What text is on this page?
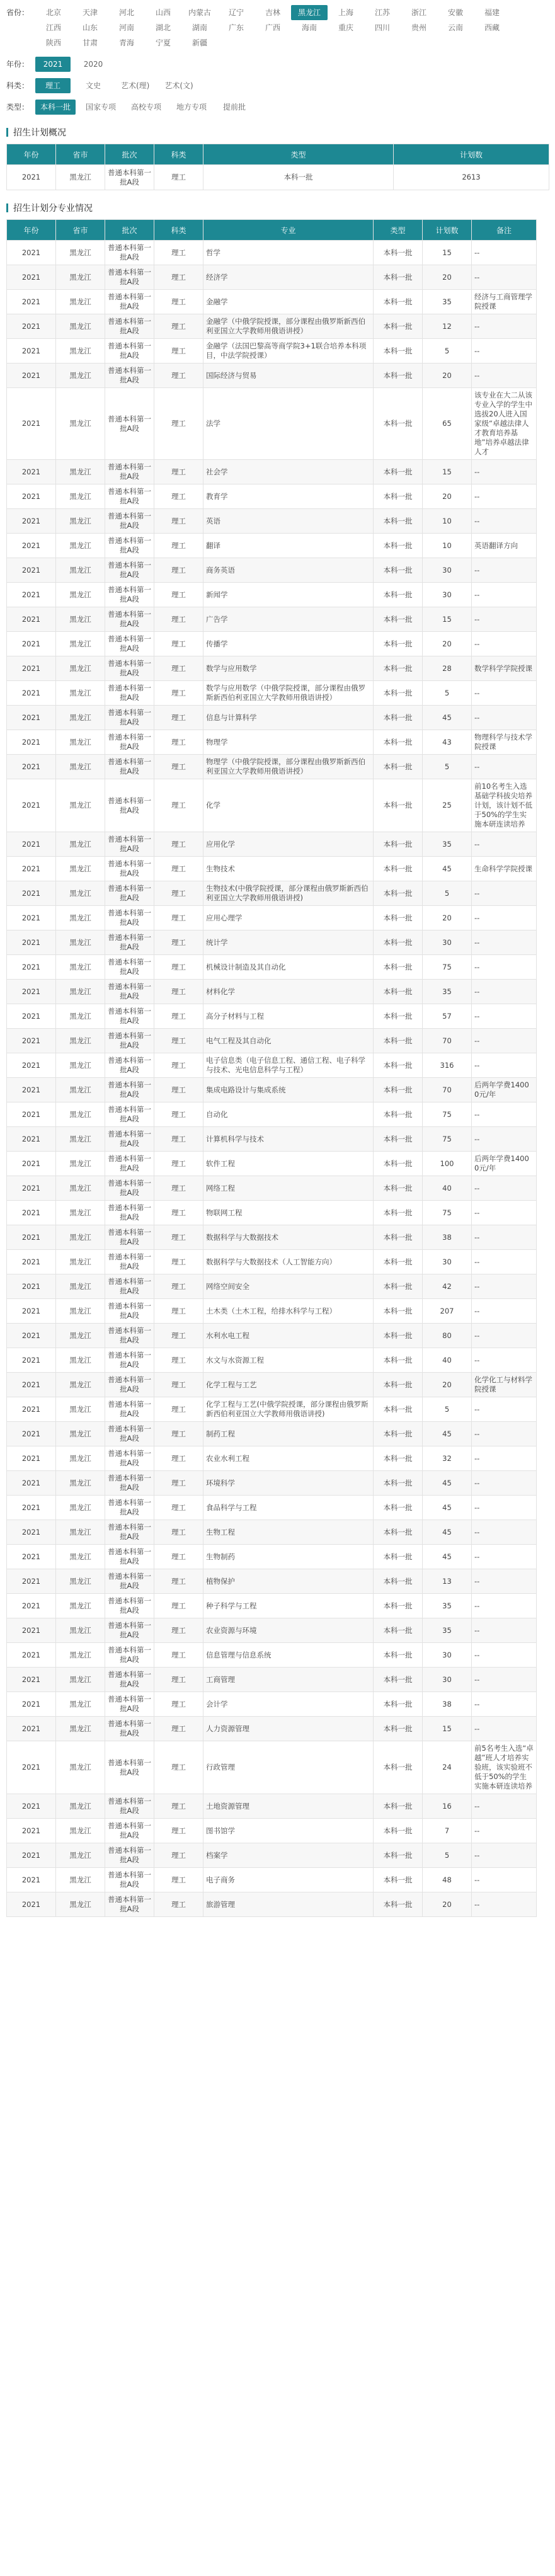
省份：	北京	天津	河北	山西	内蒙古	辽宁	吉林	黑龙江	上海	江苏	浙江	安徽	福建
江西	山东	河南	湖北	湖南	广东	广西	海南	重庆	四川	贵州	云南	西藏
陕西	甘肃	青海	宁夏	新疆
年份：	2021	2020
科类：	理工	文史	艺术(理)	艺术(文)
类型：	本科一批	国家专项	高校专项	地方专项	提前批
招生计划概况
年份	省市	批次	科类	类型	计划数
2021	黑龙江	普通本科第一批A段	理工	本科一批	2613
招生计划分专业情况
年份	省市	批次	科类	专业	类型	计划数	备注
2021	黑龙江	普通本科第一批A段	理工	哲学	本科一批	15	--
2021	黑龙江	普通本科第一批A段	理工	经济学	本科一批	20	--
2021	黑龙江	普通本科第一批A段	理工	金融学	本科一批	35	经济与工商管理学院授课
2021	黑龙江	普通本科第一批A段	理工	金融学（中俄学院授课，部分课程由俄罗斯新西伯利亚国立大学教师用俄语讲授）	本科一批	12	--
2021	黑龙江	普通本科第一批A段	理工	金融学（法国巴黎高等商学院3+1联合培养本科项目，中法学院授课）	本科一批	5	--
2021	黑龙江	普通本科第一批A段	理工	国际经济与贸易	本科一批	20	--
2021	黑龙江	普通本科第一批A段	理工	法学	本科一批	65	该专业在大二从该专业入学的学生中选拔20人进入国家级“卓越法律人才教育培养基地”培养卓越法律人才
2021	黑龙江	普通本科第一批A段	理工	社会学	本科一批	15	--
2021	黑龙江	普通本科第一批A段	理工	教育学	本科一批	20	--
2021	黑龙江	普通本科第一批A段	理工	英语	本科一批	10	--
2021	黑龙江	普通本科第一批A段	理工	翻译	本科一批	10	英语翻译方向
2021	黑龙江	普通本科第一批A段	理工	商务英语	本科一批	30	--
2021	黑龙江	普通本科第一批A段	理工	新闻学	本科一批	30	--
2021	黑龙江	普通本科第一批A段	理工	广告学	本科一批	15	--
2021	黑龙江	普通本科第一批A段	理工	传播学	本科一批	20	--
2021	黑龙江	普通本科第一批A段	理工	数学与应用数学	本科一批	28	数学科学学院授课
2021	黑龙江	普通本科第一批A段	理工	数学与应用数学（中俄学院授课，部分课程由俄罗斯新西伯利亚国立大学教师用俄语讲授）	本科一批	5	--
2021	黑龙江	普通本科第一批A段	理工	信息与计算科学	本科一批	45	--
2021	黑龙江	普通本科第一批A段	理工	物理学	本科一批	43	物理科学与技术学院授课
2021	黑龙江	普通本科第一批A段	理工	物理学（中俄学院授课，部分课程由俄罗斯新西伯利亚国立大学教师用俄语讲授）	本科一批	5	--
2021	黑龙江	普通本科第一批A段	理工	化学	本科一批	25	前10名考生入选基础学科拔尖培养计划，该计划不低于50%的学生实施本研连读培养
2021	黑龙江	普通本科第一批A段	理工	应用化学	本科一批	35	--
2021	黑龙江	普通本科第一批A段	理工	生物技术	本科一批	45	生命科学学院授课
2021	黑龙江	普通本科第一批A段	理工	生物技术(中俄学院授课，部分课程由俄罗斯新西伯利亚国立大学教师用俄语讲授)	本科一批	5	--
2021	黑龙江	普通本科第一批A段	理工	应用心理学	本科一批	20	--
2021	黑龙江	普通本科第一批A段	理工	统计学	本科一批	30	--
2021	黑龙江	普通本科第一批A段	理工	机械设计制造及其自动化	本科一批	75	--
2021	黑龙江	普通本科第一批A段	理工	材料化学	本科一批	35	--
2021	黑龙江	普通本科第一批A段	理工	高分子材料与工程	本科一批	57	--
2021	黑龙江	普通本科第一批A段	理工	电气工程及其自动化	本科一批	70	--
2021	黑龙江	普通本科第一批A段	理工	电子信息类（电子信息工程、通信工程、电子科学与技术、光电信息科学与工程）	本科一批	316	--
2021	黑龙江	普通本科第一批A段	理工	集成电路设计与集成系统	本科一批	70	后两年学费14000元/年
2021	黑龙江	普通本科第一批A段	理工	自动化	本科一批	75	--
2021	黑龙江	普通本科第一批A段	理工	计算机科学与技术	本科一批	75	--
2021	黑龙江	普通本科第一批A段	理工	软件工程	本科一批	100	后两年学费14000元/年
2021	黑龙江	普通本科第一批A段	理工	网络工程	本科一批	40	--
2021	黑龙江	普通本科第一批A段	理工	物联网工程	本科一批	75	--
2021	黑龙江	普通本科第一批A段	理工	数据科学与大数据技术	本科一批	38	--
2021	黑龙江	普通本科第一批A段	理工	数据科学与大数据技术（人工智能方向）	本科一批	30	--
2021	黑龙江	普通本科第一批A段	理工	网络空间安全	本科一批	42	--
2021	黑龙江	普通本科第一批A段	理工	土木类（土木工程，给排水科学与工程）	本科一批	207	--
2021	黑龙江	普通本科第一批A段	理工	水利水电工程	本科一批	80	--
2021	黑龙江	普通本科第一批A段	理工	水文与水资源工程	本科一批	40	--
2021	黑龙江	普通本科第一批A段	理工	化学工程与工艺	本科一批	20	化学化工与材料学院授课
2021	黑龙江	普通本科第一批A段	理工	化学工程与工艺(中俄学院授课，部分课程由俄罗斯新西伯利亚国立大学教师用俄语讲授)	本科一批	5	--
2021	黑龙江	普通本科第一批A段	理工	制药工程	本科一批	45	--
2021	黑龙江	普通本科第一批A段	理工	农业水利工程	本科一批	32	--
2021	黑龙江	普通本科第一批A段	理工	环境科学	本科一批	45	--
2021	黑龙江	普通本科第一批A段	理工	食品科学与工程	本科一批	45	--
2021	黑龙江	普通本科第一批A段	理工	生物工程	本科一批	45	--
2021	黑龙江	普通本科第一批A段	理工	生物制药	本科一批	45	--
2021	黑龙江	普通本科第一批A段	理工	植物保护	本科一批	13	--
2021	黑龙江	普通本科第一批A段	理工	种子科学与工程	本科一批	35	--
2021	黑龙江	普通本科第一批A段	理工	农业资源与环境	本科一批	35	--
2021	黑龙江	普通本科第一批A段	理工	信息管理与信息系统	本科一批	30	--
2021	黑龙江	普通本科第一批A段	理工	工商管理	本科一批	30	--
2021	黑龙江	普通本科第一批A段	理工	会计学	本科一批	38	--
2021	黑龙江	普通本科第一批A段	理工	人力资源管理	本科一批	15	--
2021	黑龙江	普通本科第一批A段	理工	行政管理	本科一批	24	前5名考生入选“卓越”班人才培养实验班，该实验班不低于50%的学生实施本研连读培养
2021	黑龙江	普通本科第一批A段	理工	土地资源管理	本科一批	16	--
2021	黑龙江	普通本科第一批A段	理工	图书馆学	本科一批	7	--
2021	黑龙江	普通本科第一批A段	理工	档案学	本科一批	5	--
2021	黑龙江	普通本科第一批A段	理工	电子商务	本科一批	48	--
2021	黑龙江	普通本科第一批A段	理工	旅游管理	本科一批	20	--
